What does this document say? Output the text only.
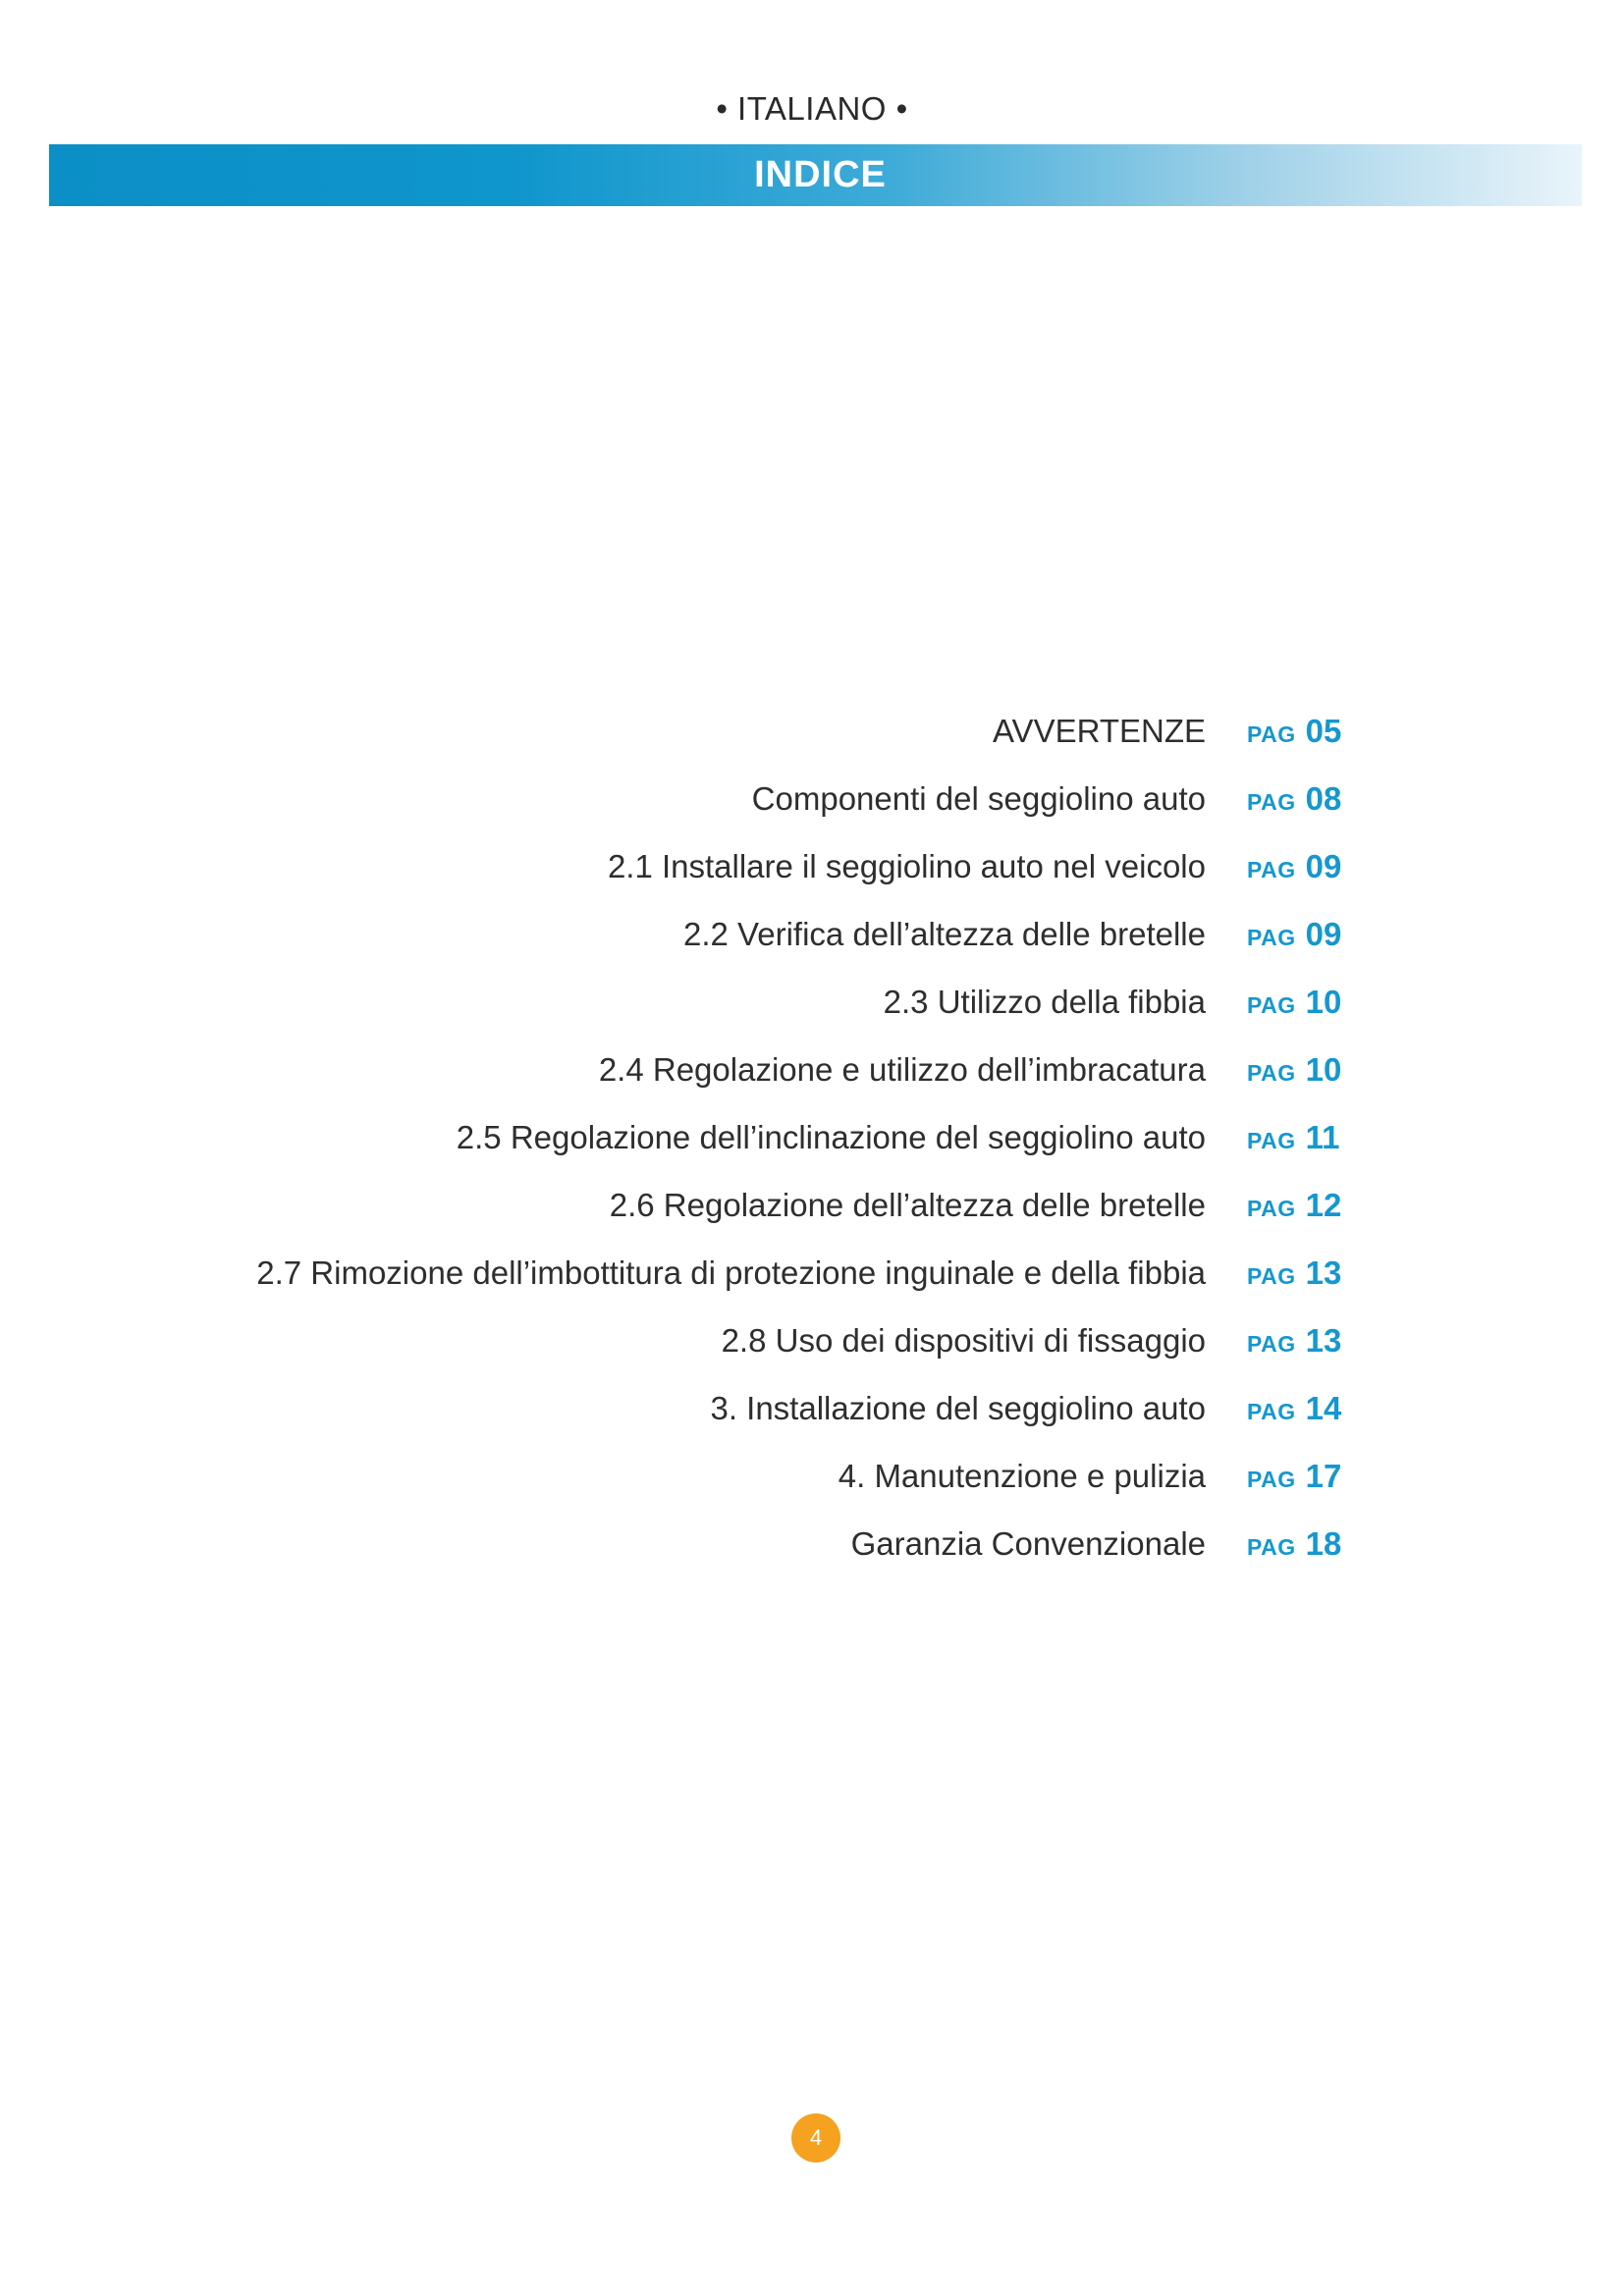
• ITALIANO •
INDICE
AVVERTENZE PAG 05
Componenti del seggiolino auto PAG 08
2.1 Installare il seggiolino auto nel veicolo PAG 09
2.2 Verifica dell’altezza delle bretelle PAG 09
2.3 Utilizzo della fibbia PAG 10
2.4 Regolazione e utilizzo dell’imbracatura PAG 10
2.5 Regolazione dell’inclinazione del seggiolino auto PAG 11
2.6 Regolazione dell’altezza delle bretelle PAG 12
2.7 Rimozione dell’imbottitura di protezione inguinale e della fibbia PAG 13
2.8 Uso dei dispositivi di fissaggio PAG 13
3. Installazione del seggiolino auto PAG 14
4. Manutenzione e pulizia PAG 17
Garanzia Convenzionale PAG 18
4
